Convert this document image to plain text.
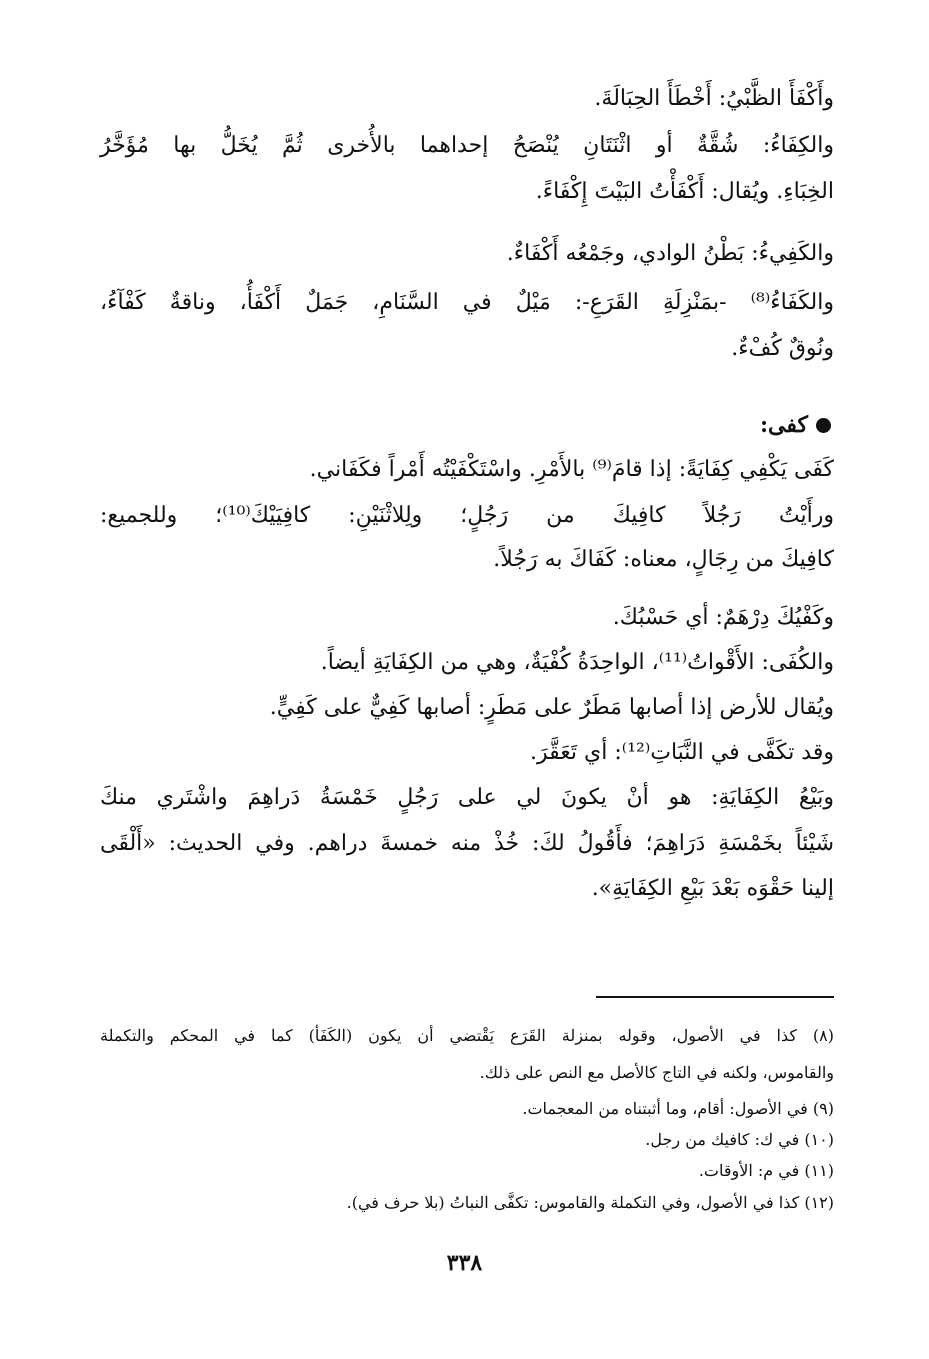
وأَكْفَأَ الظَّبْيُ: أَخْطَأَ الحِبَالَةَ.
والكِفَاءُ: شُقَّةٌ أو اثْنَتَانِ يُنْصَحُ إحداهما بالأُخرى ثُمَّ يُخَلُّ بها مُؤَخَّرُ
الخِبَاءِ. ويُقال: أَكْفَأْتُ البَيْتَ إِكْفَاءً.
والكَفِيءُ: بَطْنُ الوادي، وجَمْعُه أَكْفَاءٌ.
والكَفَاءُ⁽⁸⁾ -بمَنْزِلَةِ القَرَعِ-: مَيْلٌ في السَّنَامِ، جَمَلٌ أَكْفَأُ، وناقةٌ كَفْآءُ،
ونُوقٌ كُفْءٌ.
كفى:
كَفَى يَكْفِي كِفَايَةً: إذا قامَ⁽⁹⁾ بالأَمْرِ. واسْتَكْفَيْتُه أَمْراً فكَفَاني.
ورأَيْتُ رَجُلاً كافِيكَ من رَجُلٍ؛ ولِلاثْنَيْنِ: كافِيَيْكَ⁽¹⁰⁾؛ وللجميع:
كافِيكَ من رِجَالٍ، معناه: كَفَاكَ به رَجُلاً.
وكَفْيُكَ دِرْهَمٌ: أي حَسْبُكَ.
والكُفَى: الأَقْواتُ⁽¹¹⁾، الواحِدَةُ كُفْيَةٌ، وهي من الكِفَايَةِ أيضاً.
ويُقال للأرض إذا أصابها مَطَرٌ على مَطَرٍ: أصابها كَفِيٌّ على كَفِيٍّ.
وقد تكَفَّى في النَّبَاتِ⁽¹²⁾: أي تَعَقَّرَ.
وبَيْعُ الكِفَايَةِ: هو أنْ يكونَ لي على رَجُلٍ خَمْسَةُ دَراهِمَ واشْتَري منكَ
شَيْئاً بخَمْسَةِ دَرَاهِمَ؛ فأَقُولُ لكَ: خُذْ منه خمسةَ دراهم. وفي الحديث: «أَلْقَى
إلينا حَقْوَه بَعْدَ بَيْعِ الكِفَايَةِ».
(٨) كذا في الأصول، وقوله بمنزلة القَرَع يَقْتضي أن يكون (الكَفَأ) كما في المحكم والتكملة
والقاموس، ولكنه في التاج كالأصل مع النص على ذلك.
(٩) في الأصول: أقام، وما أثبتناه من المعجمات.
(١٠) في ك: كافيك من رجل.
(١١) في م: الأوقات.
(١٢) كذا في الأصول، وفي التكملة والقاموس: تكفَّى النباتُ (بلا حرف في).
٣٣٨
